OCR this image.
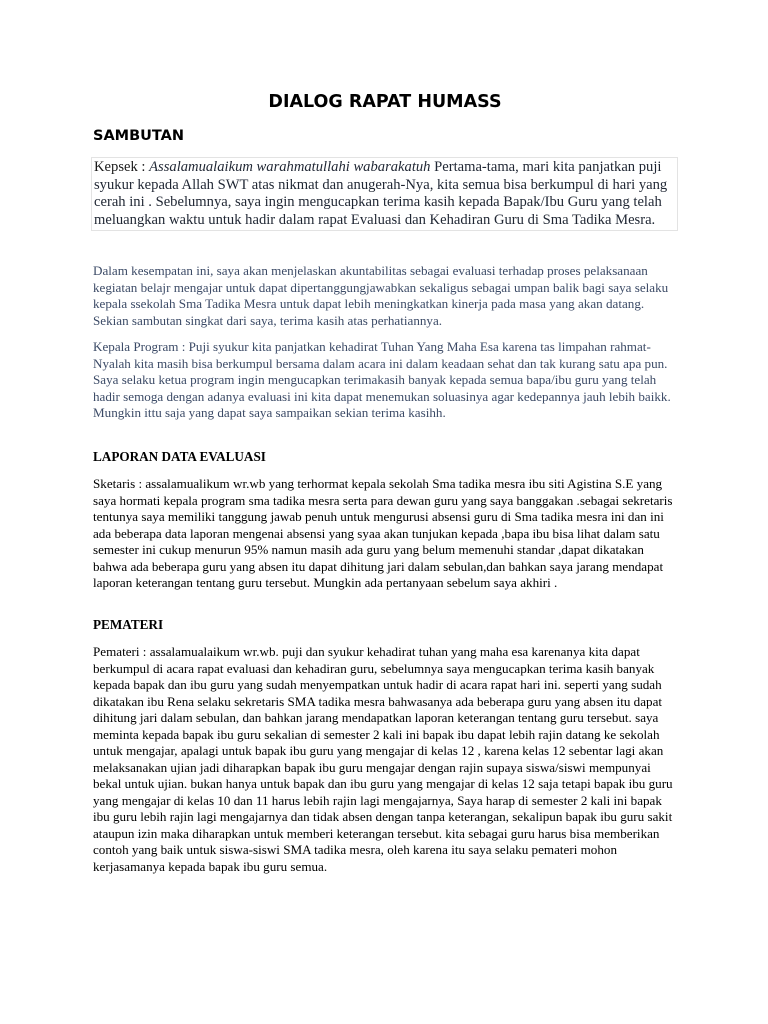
DIALOG RAPAT HUMASS
SAMBUTAN
Kepsek : Assalamualaikum warahmatullahi wabarakatuh Pertama-tama, mari kita panjatkan puji syukur kepada Allah SWT atas nikmat dan anugerah-Nya, kita semua bisa berkumpul di hari yang cerah ini . Sebelumnya, saya ingin mengucapkan terima kasih kepada Bapak/Ibu Guru yang telah meluangkan waktu untuk hadir dalam rapat Evaluasi dan Kehadiran Guru di Sma Tadika Mesra.

Dalam kesempatan ini, saya akan menjelaskan akuntabilitas sebagai evaluasi terhadap proses pelaksanaan kegiatan belajr mengajar untuk dapat dipertanggungjawabkan sekaligus sebagai umpan balik bagi saya selaku kepala ssekolah Sma Tadika Mesra untuk dapat lebih meningkatkan kinerja pada masa yang akan datang. Sekian sambutan singkat dari saya, terima kasih atas perhatiannya.

Kepala Program : Puji syukur kita panjatkan kehadirat Tuhan Yang Maha Esa karena tas limpahan rahmat-Nyalah kita masih bisa berkumpul bersama dalam acara ini dalam keadaan sehat dan tak kurang satu apa pun. Saya selaku ketua program ingin mengucapkan terimakasih banyak kepada semua bapa/ibu guru yang telah hadir semoga dengan adanya evaluasi ini kita dapat menemukan soluasinya agar kedepannya jauh lebih baikk. Mungkin ittu saja yang dapat saya sampaikan sekian terima kasihh.

LAPORAN DATA EVALUASI

Sketaris : assalamualikum wr.wb yang terhormat kepala sekolah Sma tadika mesra ibu siti Agistina S.E yang saya hormati kepala program sma tadika mesra serta para dewan guru yang saya banggakan .sebagai sekretaris tentunya saya memiliki tanggung jawab penuh untuk mengurusi absensi guru di Sma tadika mesra ini dan ini ada beberapa data laporan mengenai absensi yang syaa akan tunjukan kepada ,bapa ibu bisa lihat dalam satu semester ini cukup menurun 95% namun masih ada guru yang belum memenuhi standar ,dapat dikatakan bahwa ada beberapa guru yang absen itu dapat dihitung jari dalam sebulan,dan bahkan saya jarang mendapat laporan keterangan tentang guru tersebut. Mungkin ada pertanyaan sebelum saya akhiri .

PEMATERI

Pemateri : assalamualaikum wr.wb. puji dan syukur kehadirat tuhan yang maha esa karenanya kita dapat berkumpul di acara rapat evaluasi dan kehadiran guru, sebelumnya saya mengucapkan terima kasih banyak kepada bapak dan ibu guru yang sudah menyempatkan untuk hadir di acara rapat hari ini. seperti yang sudah dikatakan ibu Rena selaku sekretaris SMA tadika mesra bahwasanya ada beberapa guru yang absen itu dapat dihitung jari dalam sebulan, dan bahkan jarang mendapatkan laporan keterangan tentang guru tersebut. saya meminta kepada bapak ibu guru sekalian di semester 2 kali ini bapak ibu dapat lebih rajin datang ke sekolah untuk mengajar, apalagi untuk bapak ibu guru yang mengajar di kelas 12 , karena kelas 12 sebentar lagi akan melaksanakan ujian jadi diharapkan bapak ibu guru mengajar dengan rajin supaya siswa/siswi mempunyai bekal untuk ujian. bukan hanya untuk bapak dan ibu guru yang mengajar di kelas 12 saja tetapi bapak ibu guru yang mengajar di kelas 10 dan 11 harus lebih rajin lagi mengajarnya, Saya harap di semester 2 kali ini bapak ibu guru lebih rajin lagi mengajarnya dan tidak absen dengan tanpa keterangan, sekalipun bapak ibu guru sakit ataupun izin maka diharapkan untuk memberi keterangan tersebut. kita sebagai guru harus bisa memberikan contoh yang baik untuk siswa-siswi SMA tadika mesra, oleh karena itu saya selaku pemateri mohon kerjasamanya kepada bapak ibu guru semua.
